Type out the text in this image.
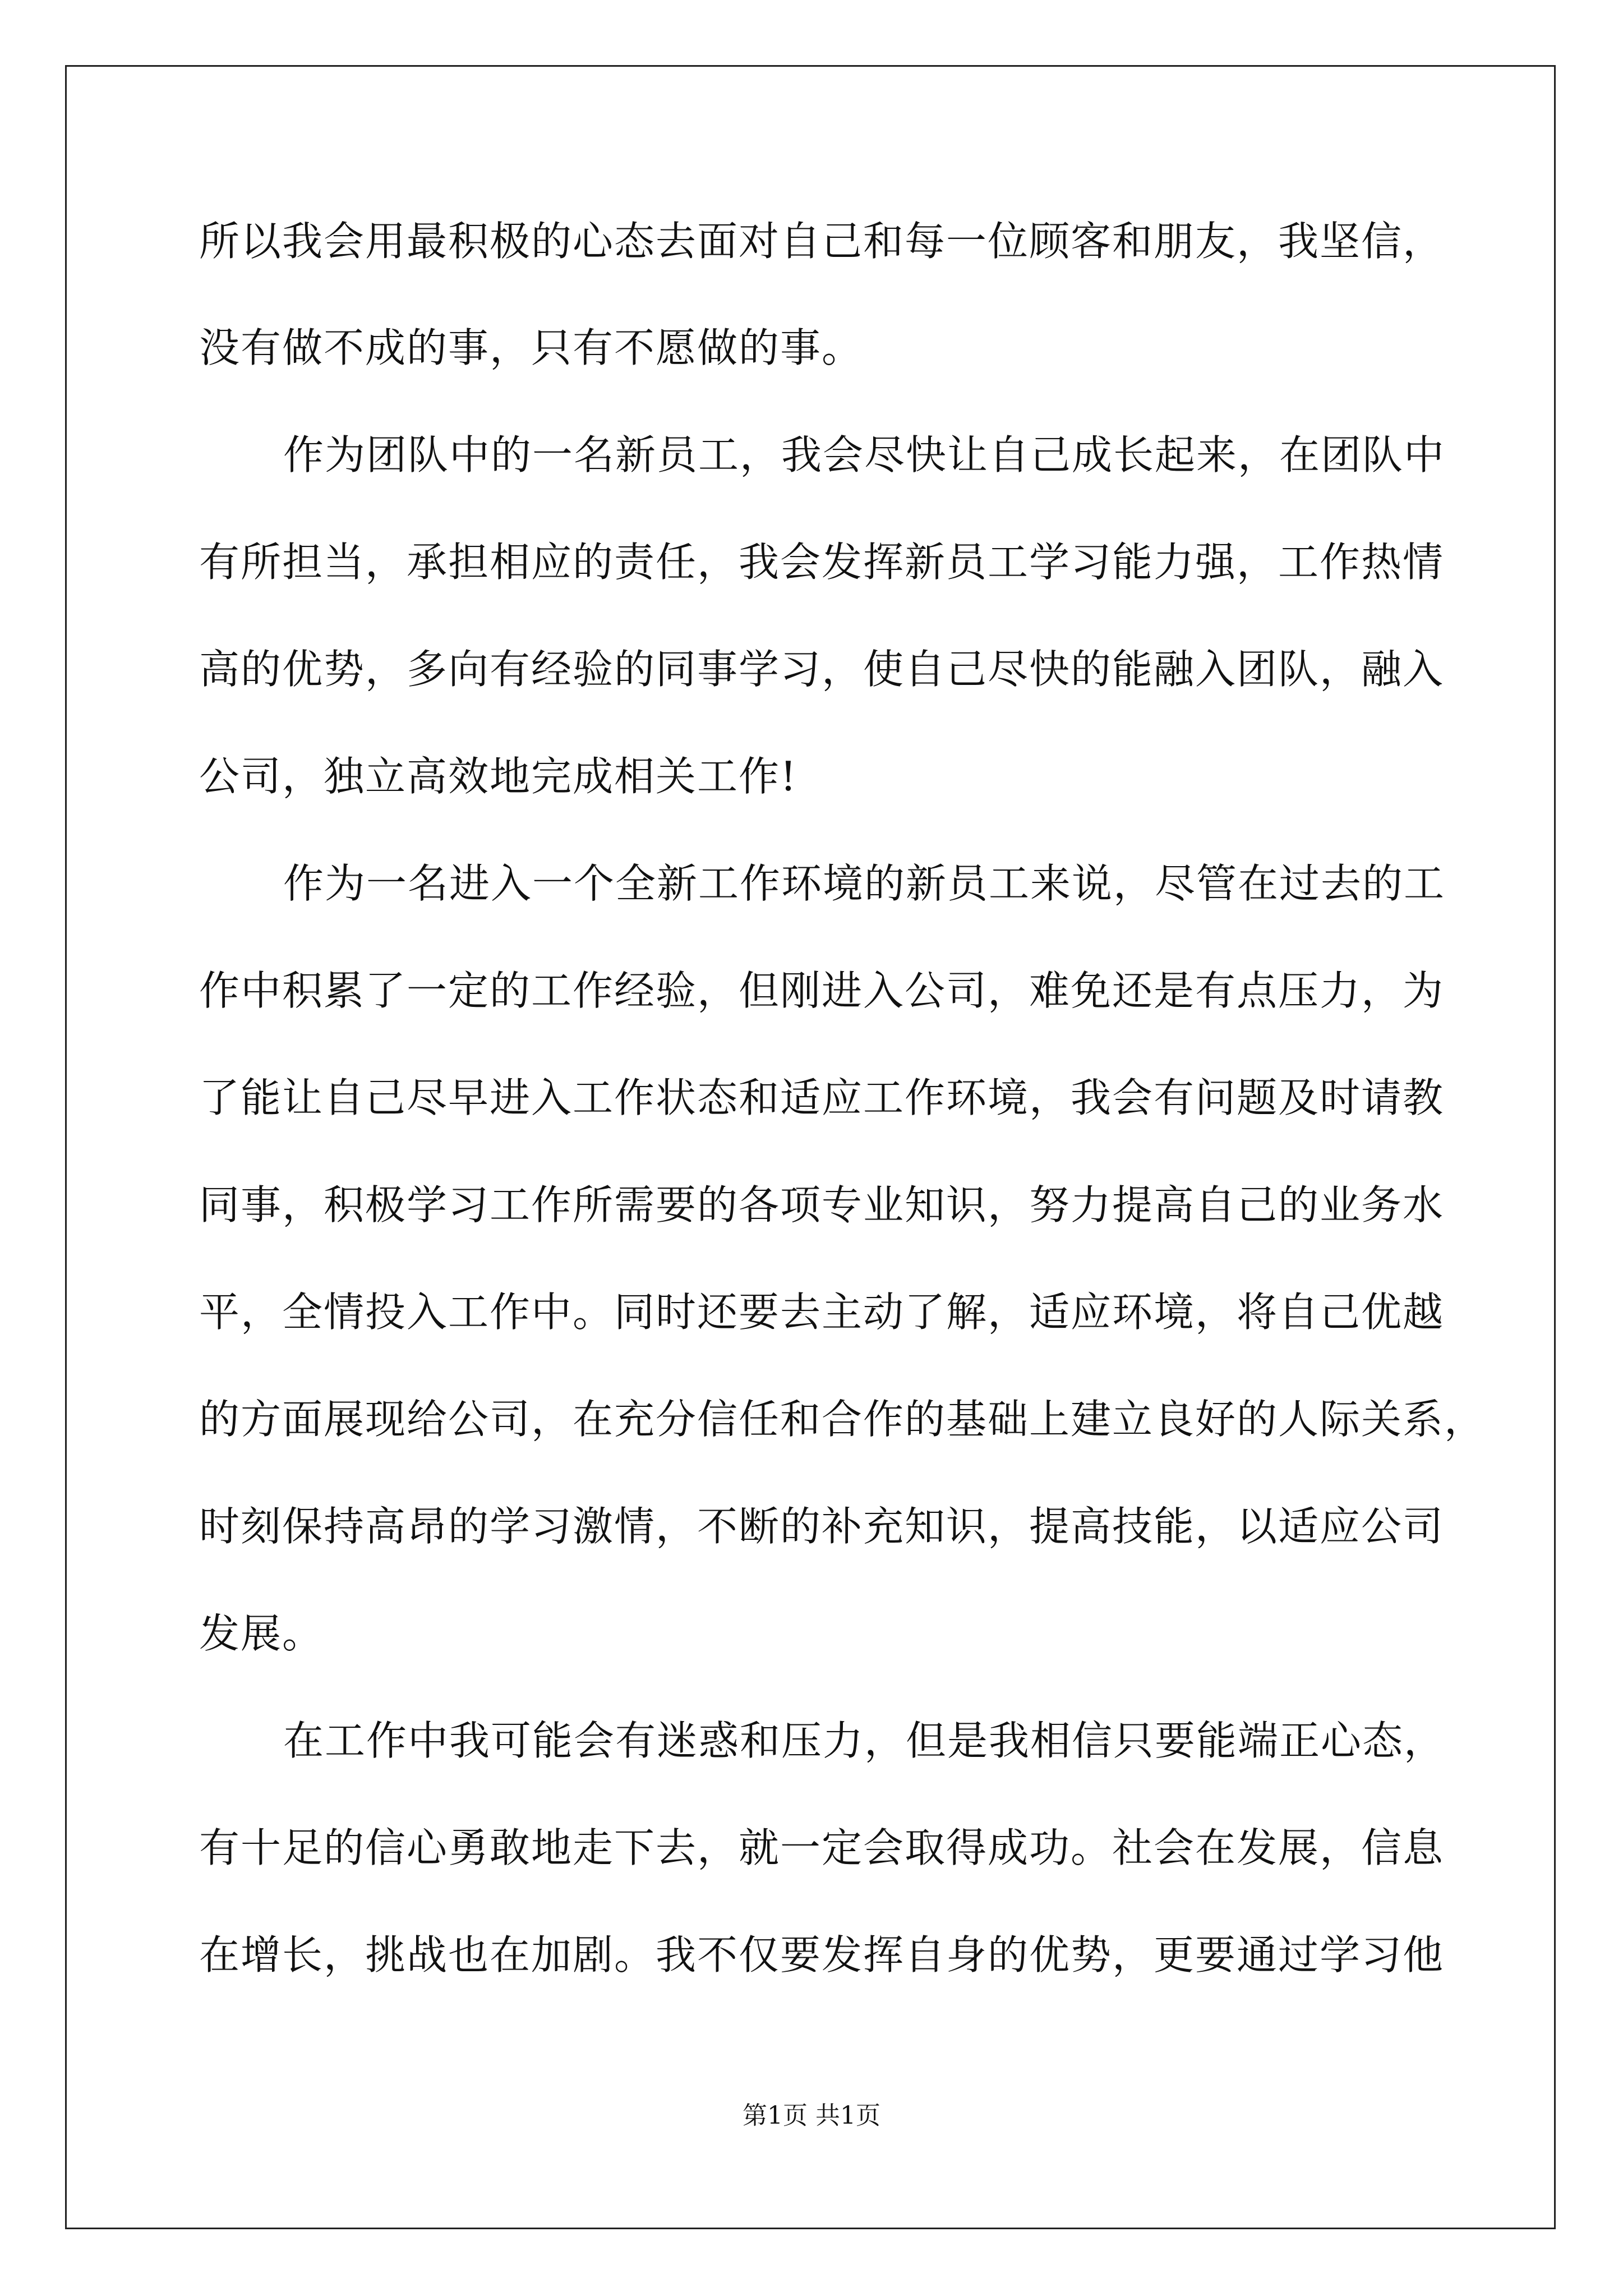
所以我会用最积极的心态去面对自己和每一位顾客和朋友，我坚信，
没有做不成的事，只有不愿做的事。
作为团队中的一名新员工，我会尽快让自己成长起来，在团队中
有所担当，承担相应的责任，我会发挥新员工学习能力强，工作热情
高的优势，多向有经验的同事学习，使自己尽快的能融入团队，融入
公司，独立高效地完成相关工作!
作为一名进入一个全新工作环境的新员工来说，尽管在过去的工
作中积累了一定的工作经验，但刚进入公司，难免还是有点压力，为
了能让自己尽早进入工作状态和适应工作环境，我会有问题及时请教
同事，积极学习工作所需要的各项专业知识，努力提高自己的业务水
平，全情投入工作中。同时还要去主动了解，适应环境，将自己优越
的方面展现给公司，在充分信任和合作的基础上建立良好的人际关系，
时刻保持高昂的学习激情，不断的补充知识，提高技能，以适应公司
发展。
在工作中我可能会有迷惑和压力，但是我相信只要能端正心态，
有十足的信心勇敢地走下去，就一定会取得成功。社会在发展，信息
在增长，挑战也在加剧。我不仅要发挥自身的优势，更要通过学习他
第1页 共1页
